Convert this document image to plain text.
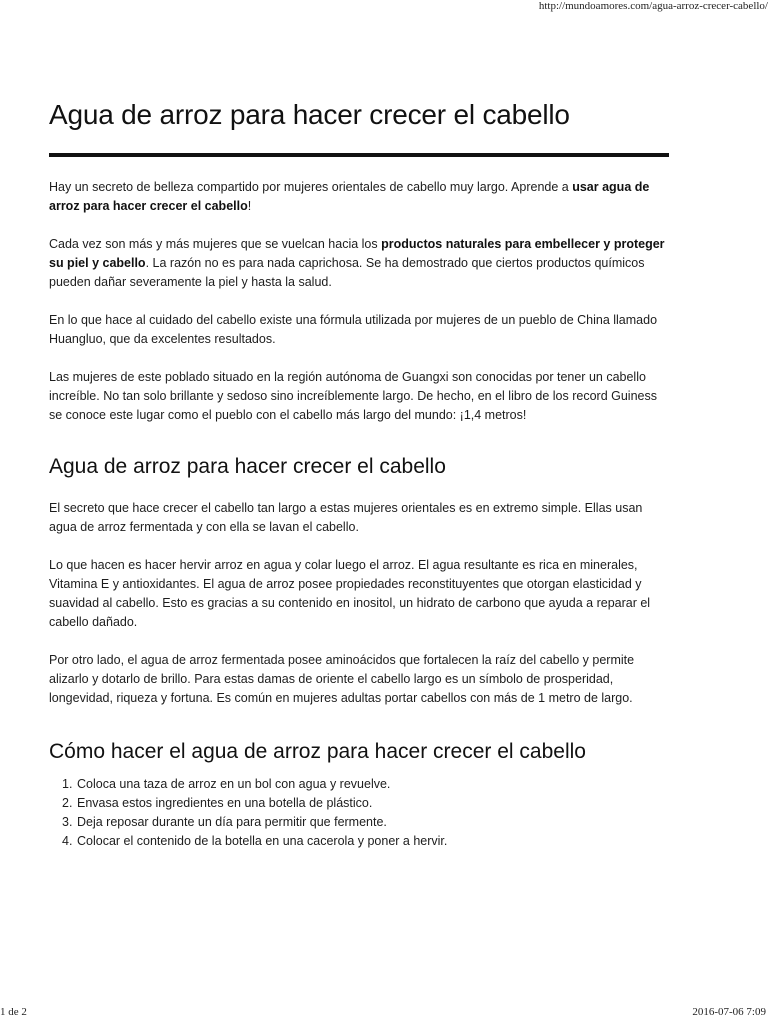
http://mundoamores.com/agua-arroz-crecer-cabello/
Agua de arroz para hacer crecer el cabello

Hay un secreto de belleza compartido por mujeres orientales de cabello muy largo. Aprende a usar agua de arroz para hacer crecer el cabello!

Cada vez son más y más mujeres que se vuelcan hacia los productos naturales para embellecer y proteger su piel y cabello. La razón no es para nada caprichosa. Se ha demostrado que ciertos productos químicos pueden dañar severamente la piel y hasta la salud.

En lo que hace al cuidado del cabello existe una fórmula utilizada por mujeres de un pueblo de China llamado Huangluo, que da excelentes resultados.

Las mujeres de este poblado situado en la región autónoma de Guangxi son conocidas por tener un cabello increíble. No tan solo brillante y sedoso sino increíblemente largo. De hecho, en el libro de los record Guiness se conoce este lugar como el pueblo con el cabello más largo del mundo: ¡1,4 metros!

Agua de arroz para hacer crecer el cabello

El secreto que hace crecer el cabello tan largo a estas mujeres orientales es en extremo simple. Ellas usan agua de arroz fermentada y con ella se lavan el cabello.

Lo que hacen es hacer hervir arroz en agua y colar luego el arroz. El agua resultante es rica en minerales, Vitamina E y antioxidantes. El agua de arroz posee propiedades reconstituyentes que otorgan elasticidad y suavidad al cabello. Esto es gracias a su contenido en inositol, un hidrato de carbono que ayuda a reparar el cabello dañado.

Por otro lado, el agua de arroz fermentada posee aminoácidos que fortalecen la raíz del cabello y permite alizarlo y dotarlo de brillo. Para estas damas de oriente el cabello largo es un símbolo de prosperidad, longevidad, riqueza y fortuna. Es común en mujeres adultas portar cabellos con más de 1 metro de largo.

Cómo hacer el agua de arroz para hacer crecer el cabello
1. Coloca una taza de arroz en un bol con agua y revuelve.
2. Envasa estos ingredientes en una botella de plástico.
3. Deja reposar durante un día para permitir que fermente.
4. Colocar el contenido de la botella en una cacerola y poner a hervir.
1 de 2	2016-07-06 7:09
